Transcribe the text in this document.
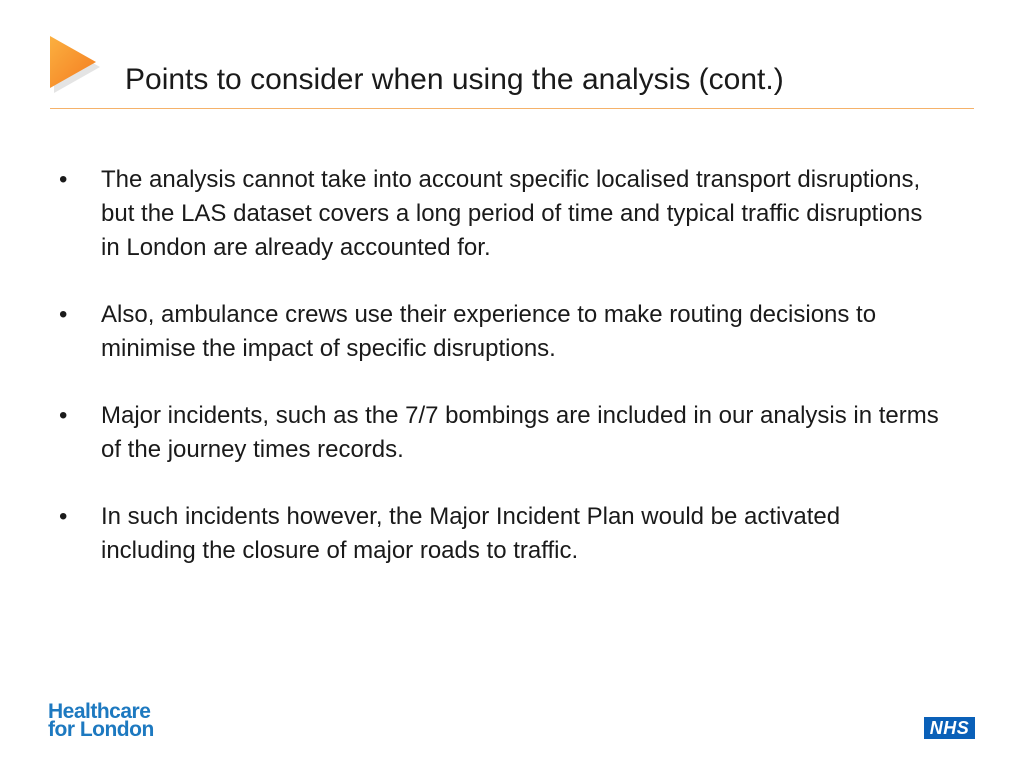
Points to consider when using the analysis (cont.)
•	The analysis cannot take into account specific localised transport disruptions, but the LAS dataset covers a long period of time and typical traffic disruptions in London are already accounted for.
•	Also, ambulance crews use their experience to make routing decisions to minimise the impact of specific disruptions.
•	Major incidents, such as the 7/7 bombings are included in our analysis in terms of the journey times records.
•	In such incidents however, the Major Incident Plan would be activated including the closure of major roads to traffic.
Healthcare
for London	NHS
